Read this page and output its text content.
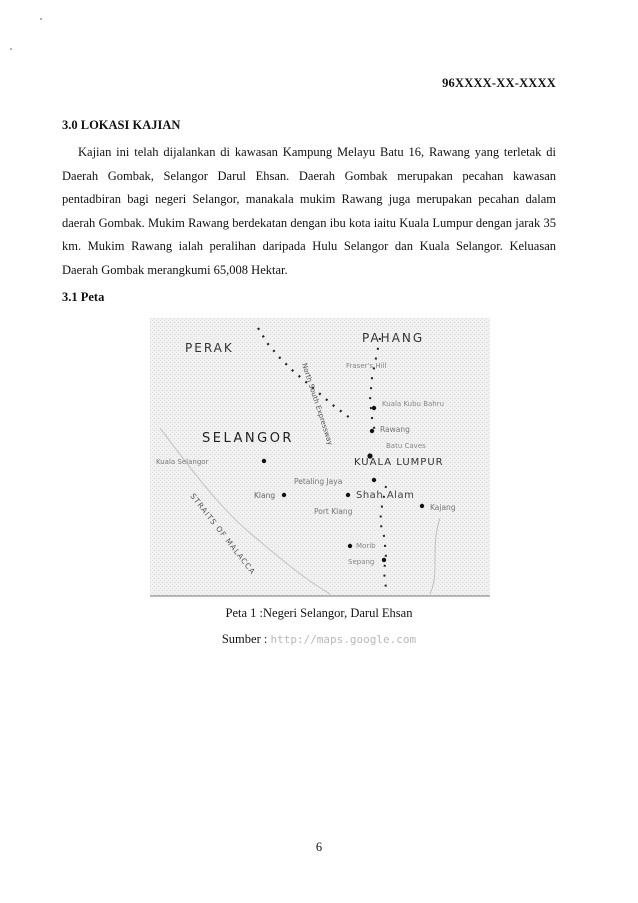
96XXXX-XX-XXXX
3.0 LOKASI KAJIAN
Kajian ini telah dijalankan di kawasan Kampung Melayu Batu 16, Rawang yang terletak di Daerah Gombak, Selangor Darul Ehsan. Daerah Gombak merupakan pecahan kawasan pentadbiran bagi negeri Selangor, manakala mukim Rawang juga merupakan pecahan dalam daerah Gombak. Mukim Rawang berdekatan dengan ibu kota iaitu Kuala Lumpur dengan jarak 35 km. Mukim Rawang ialah peralihan daripada Hulu Selangor dan Kuala Selangor. Keluasan Daerah Gombak merangkumi 65,008 Hektar.
3.1 Peta
PERAK
PAHANG
SELANGOR North South Expressway
STRAITS OF MALACCA
Fraser's Hill
Kuala Kubu Bahru
Rawang
Batu Caves
Kuala Selangor	KUALA LUMPUR
Petaling Jaya
Klang	Shah Alam
Port Klang	Kajang
Morib
Sepang
Peta 1 :Negeri Selangor, Darul Ehsan
Sumber : http://maps.google.com
6
